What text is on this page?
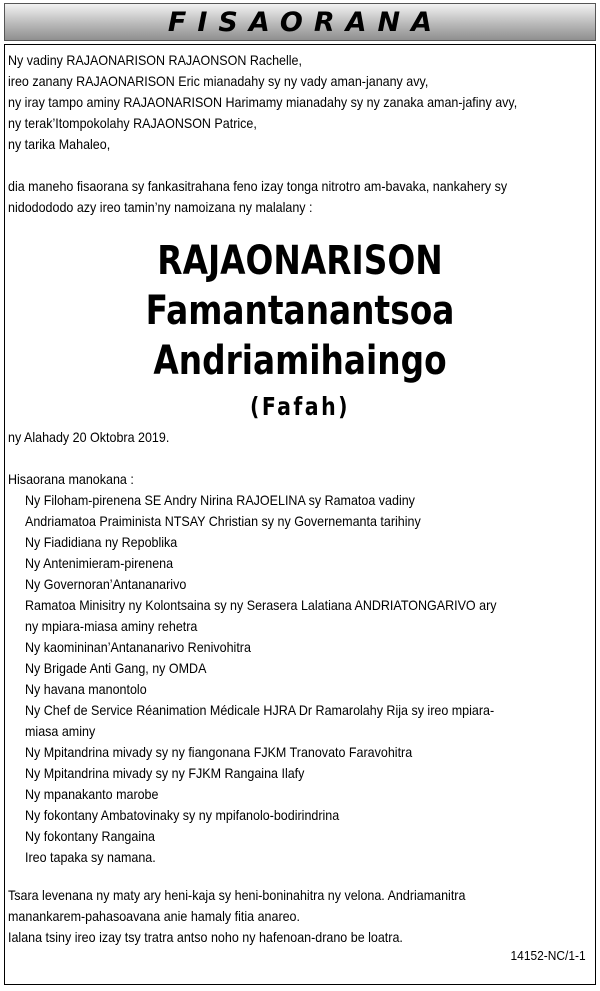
FISAORANA
Ny vadiny RAJAONARISON RAJAONSON Rachelle,
ireo zanany RAJAONARISON Eric mianadahy sy ny vady aman-janany avy,
ny iray tampo aminy RAJAONARISON Harimamy mianadahy sy ny zanaka aman-jafiny avy,
ny terak’Itompokolahy RAJAONSON Patrice,
ny tarika Mahaleo,
dia maneho fisaorana sy fankasitrahana feno izay tonga nitrotro am-bavaka, nankahery sy
nidodododo azy ireo tamin’ny namoizana ny malalany :
RAJAONARISON
Famantanantsoa
Andriamihaingo
(Fafah)
ny Alahady 20 Oktobra 2019.
Hisaorana manokana :
Ny Filoham-pirenena SE Andry Nirina RAJOELINA sy Ramatoa vadiny
Andriamatoa Praiminista NTSAY Christian sy ny Governemanta tarihiny
Ny Fiadidiana ny Repoblika
Ny Antenimieram-pirenena
Ny Governoran’Antananarivo
Ramatoa Minisitry ny Kolontsaina sy ny Serasera Lalatiana ANDRIATONGARIVO ary
ny mpiara-miasa aminy rehetra
Ny kaomininan’Antananarivo Renivohitra
Ny Brigade Anti Gang, ny OMDA
Ny havana manontolo
Ny Chef de Service Réanimation Médicale HJRA Dr Ramarolahy Rija sy ireo mpiara-
miasa aminy
Ny Mpitandrina mivady sy ny fiangonana FJKM Tranovato Faravohitra
Ny Mpitandrina mivady sy ny FJKM Rangaina Ilafy
Ny mpanakanto marobe
Ny fokontany Ambatovinaky sy ny mpifanolo-bodirindrina
Ny fokontany Rangaina
Ireo tapaka sy namana.
Tsara levenana ny maty ary heni-kaja sy heni-boninahitra ny velona. Andriamanitra
manankarem-pahasoavana anie hamaly fitia anareo.
Ialana tsiny ireo izay tsy tratra antso noho ny hafenoan-drano be loatra.
14152-NC/1-1
